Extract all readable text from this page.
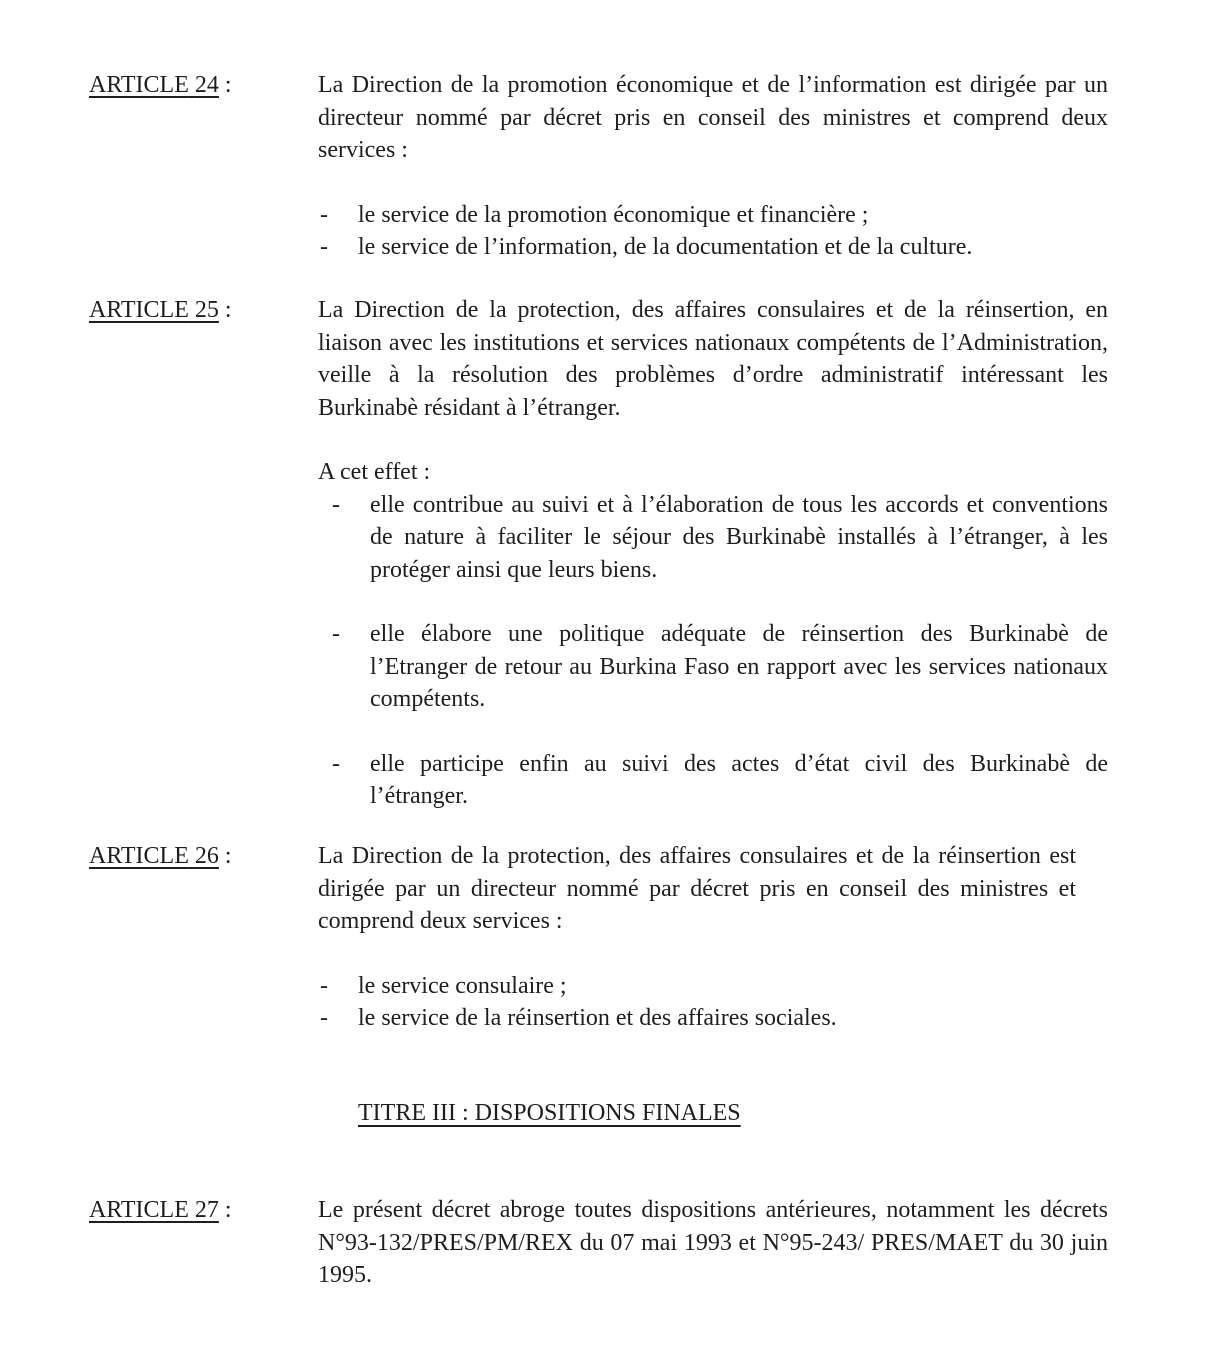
ARTICLE 24 :	La Direction de la promotion économique et de l’information est dirigée par un directeur nommé par décret pris en conseil des ministres et comprend deux services :

- le service de la promotion économique et financière ;
- le service de l’information, de la documentation et de la culture.
ARTICLE 25 :	La Direction de la protection, des affaires consulaires et de la réinsertion, en liaison avec les institutions et services nationaux compétents de l’Administration, veille à la résolution des problèmes d’ordre administratif intéressant les Burkinabè résidant à l’étranger.

A cet effet :

- elle contribue au suivi et à l’élaboration de tous les accords et conventions de nature à faciliter le séjour des Burkinabè installés à l’étranger, à les protéger ainsi que leurs biens.
- elle élabore une politique adéquate de réinsertion des Burkinabè de l’Etranger de retour au Burkina Faso en rapport avec les services nationaux compétents.
- elle participe enfin au suivi des actes d’état civil des Burkinabè de l’étranger.
ARTICLE 26 :	La Direction de la protection, des affaires consulaires et de la réinsertion est dirigée par un directeur nommé par décret pris en conseil des ministres et comprend deux services :

- le service consulaire ;
- le service de la réinsertion et des affaires sociales.
TITRE III : DISPOSITIONS FINALES
ARTICLE 27 :	Le présent décret abroge toutes dispositions antérieures, notamment les décrets N°93-132/PRES/PM/REX du 07 mai 1993 et N°95-243/ PRES/MAET du 30 juin 1995.
